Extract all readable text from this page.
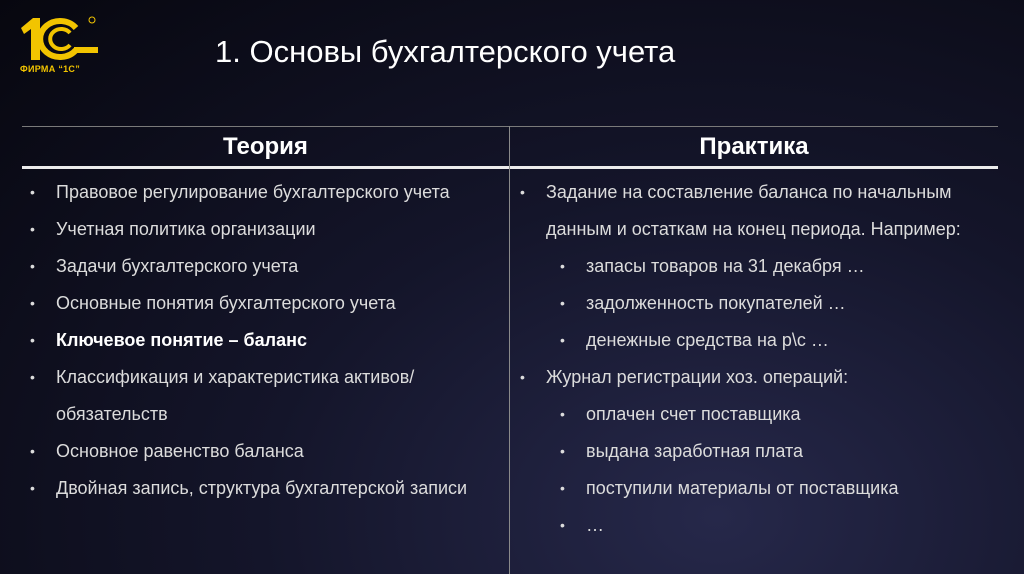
ФИРМА “1С”	1. Основы бухгалтерского учета
Теория
• Правовое регулирование бухгалтерского учета
• Учетная политика организации
• Задачи бухгалтерского учета
• Основные понятия бухгалтерского учета
• Ключевое понятие – баланс
• Классификация и характеристика активов/обязательств
• Основное равенство баланса
• Двойная запись, структура бухгалтерской записи
Практика
• Задание на составление баланса по начальным данным и остаткам на конец периода. Например:
• запасы товаров на 31 декабря …
• задолженность покупателей …
• денежные средства на р\с …
• Журнал регистрации хоз. операций:
• оплачен счет поставщика
• выдана заработная плата
• поступили материалы от поставщика
• …
